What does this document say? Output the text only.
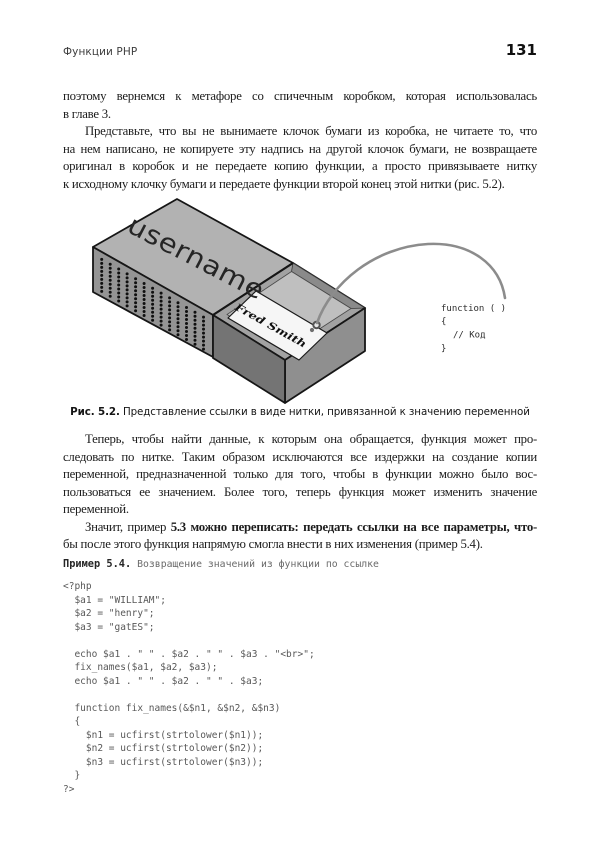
Функции PHP	131
поэтому вернемся к метафоре со спичечным коробком, которая использовалась
в главе 3.
Представьте, что вы не вынимаете клочок бумаги из коробка, не читаете то, что
на нем написано, не копируете эту надпись на другой клочок бумаги, не возвращаете
оригинал в коробок и не передаете копию функции, а просто привязываете нитку
к исходному клочку бумаги и передаете функции второй конец этой нитки (рис. 5.2).
Fred Smith
username
function ( )
{
// Код
}
Рис. 5.2. Представление ссылки в виде нитки, привязанной к значению переменной
Теперь, чтобы найти данные, к которым она обращается, функция может про-
следовать по нитке. Таким образом исключаются все издержки на создание копии
переменной, предназначенной только для того, чтобы в функции можно было вос-
пользоваться ее значением. Более того, теперь функция может изменить значение
переменной.
Значит, пример 5.3 можно переписать: передать ссылки на все параметры, что-
бы после этого функция напрямую смогла внести в них изменения (пример 5.4).
Пример 5.4. Возвращение значений из функции по ссылке
<?php
$a1 = "WILLIAM";
$a2 = "henry";
$a3 = "gatES";
echo $a1 . " " . $a2 . " " . $a3 . "<br>";
fix_names($a1, $a2, $a3);
echo $a1 . " " . $a2 . " " . $a3;
function fix_names(&$n1, &$n2, &$n3)
{
$n1 = ucfirst(strtolower($n1));
$n2 = ucfirst(strtolower($n2));
$n3 = ucfirst(strtolower($n3));
}
?>
